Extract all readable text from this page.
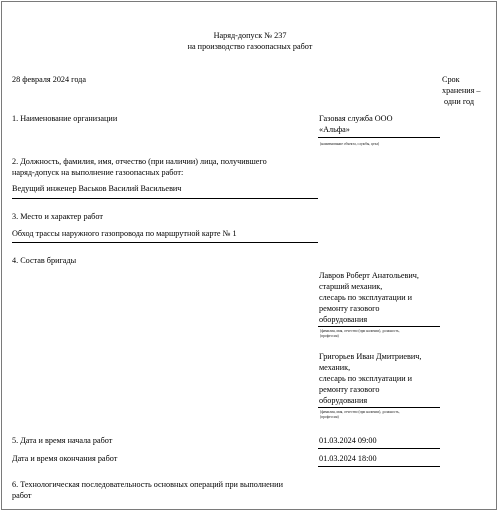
Наряд-допуск № 237
на производство газоопасных работ
28 февраля 2024 года	Срок
хранения –
одни год
1. Наименование организации	Газовая служба ООО
«Альфа»
(наименование объекта, службы, цеха)
2. Должность, фамилия, имя, отчество (при наличии) лица, получившего
наряд-допуск на выполнение газоопасных работ:
Ведущий инженер Васьков Василий Васильевич
3. Место и характер работ
Обход трассы наружного газопровода по маршрутной карте № 1
4. Состав бригады
Лавров Роберт Анатольевич,
старший механик,
слесарь по эксплуатации и
ремонту газового
оборудования
(фамилия, имя, отчество (при наличии), должность,
(профессия)
Григорьев Иван Дмитриевич,
механик,
слесарь по эксплуатации и
ремонту газового
оборудования
(фамилия, имя, отчество (при наличии), должность,
(профессия)
5. Дата и время начала работ	01.03.2024 09:00
Дата и время окончания работ	01.03.2024 18:00
6. Технологическая последовательность основных операций при выполнении
работ
